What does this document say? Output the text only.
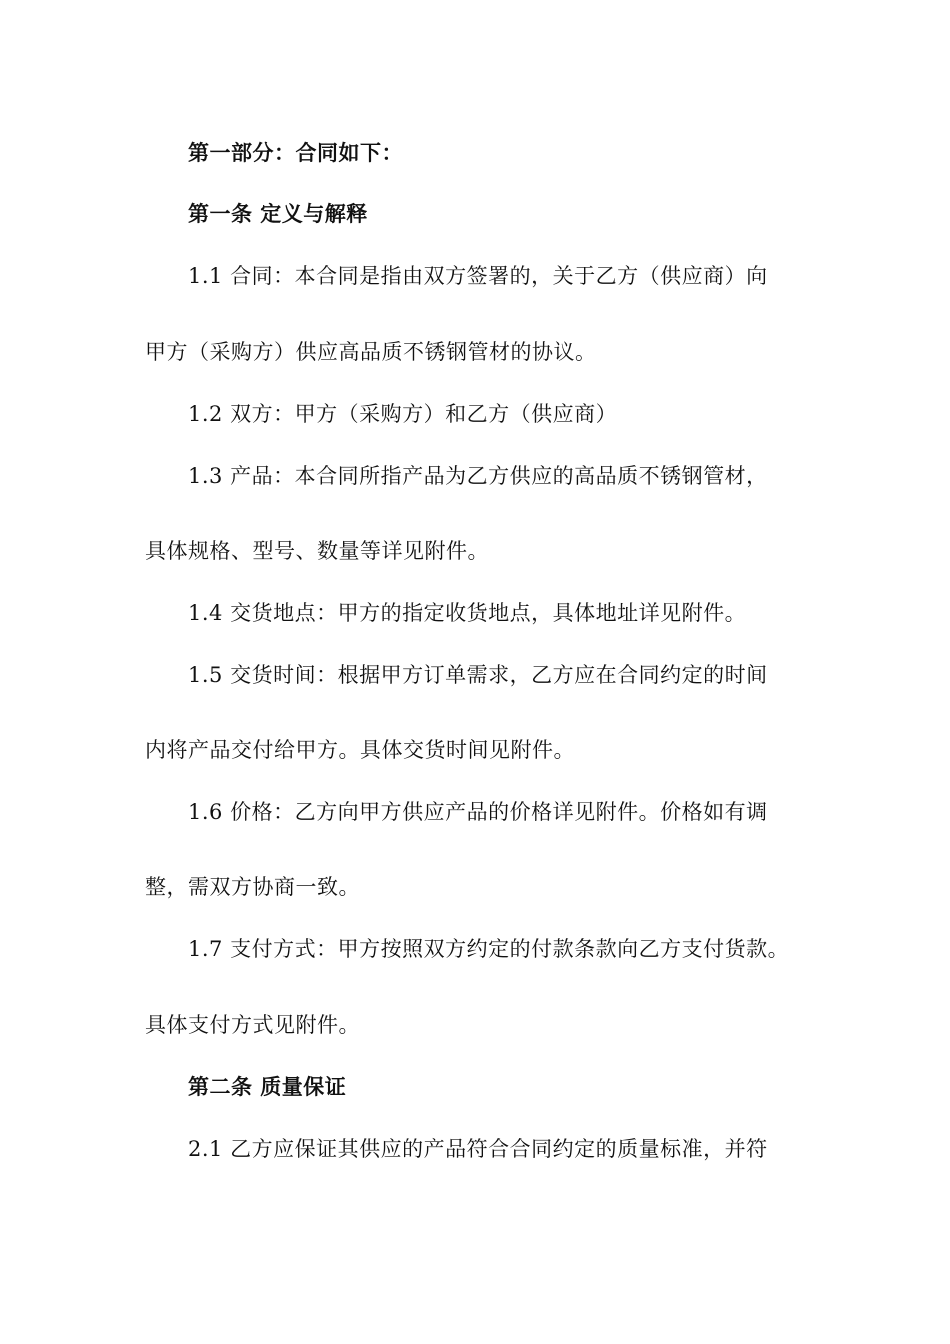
第一部分：合同如下：
第一条 定义与解释
1.1 合同：本合同是指由双方签署的，关于乙方（供应商）向
甲方（采购方）供应高品质不锈钢管材的协议。
1.2 双方：甲方（采购方）和乙方（供应商）
1.3 产品：本合同所指产品为乙方供应的高品质不锈钢管材，
具体规格、型号、数量等详见附件。
1.4 交货地点：甲方的指定收货地点，具体地址详见附件。
1.5 交货时间：根据甲方订单需求，乙方应在合同约定的时间
内将产品交付给甲方。具体交货时间见附件。
1.6 价格：乙方向甲方供应产品的价格详见附件。价格如有调
整，需双方协商一致。
1.7 支付方式：甲方按照双方约定的付款条款向乙方支付货款。
具体支付方式见附件。
第二条 质量保证
2.1 乙方应保证其供应的产品符合合同约定的质量标准，并符
